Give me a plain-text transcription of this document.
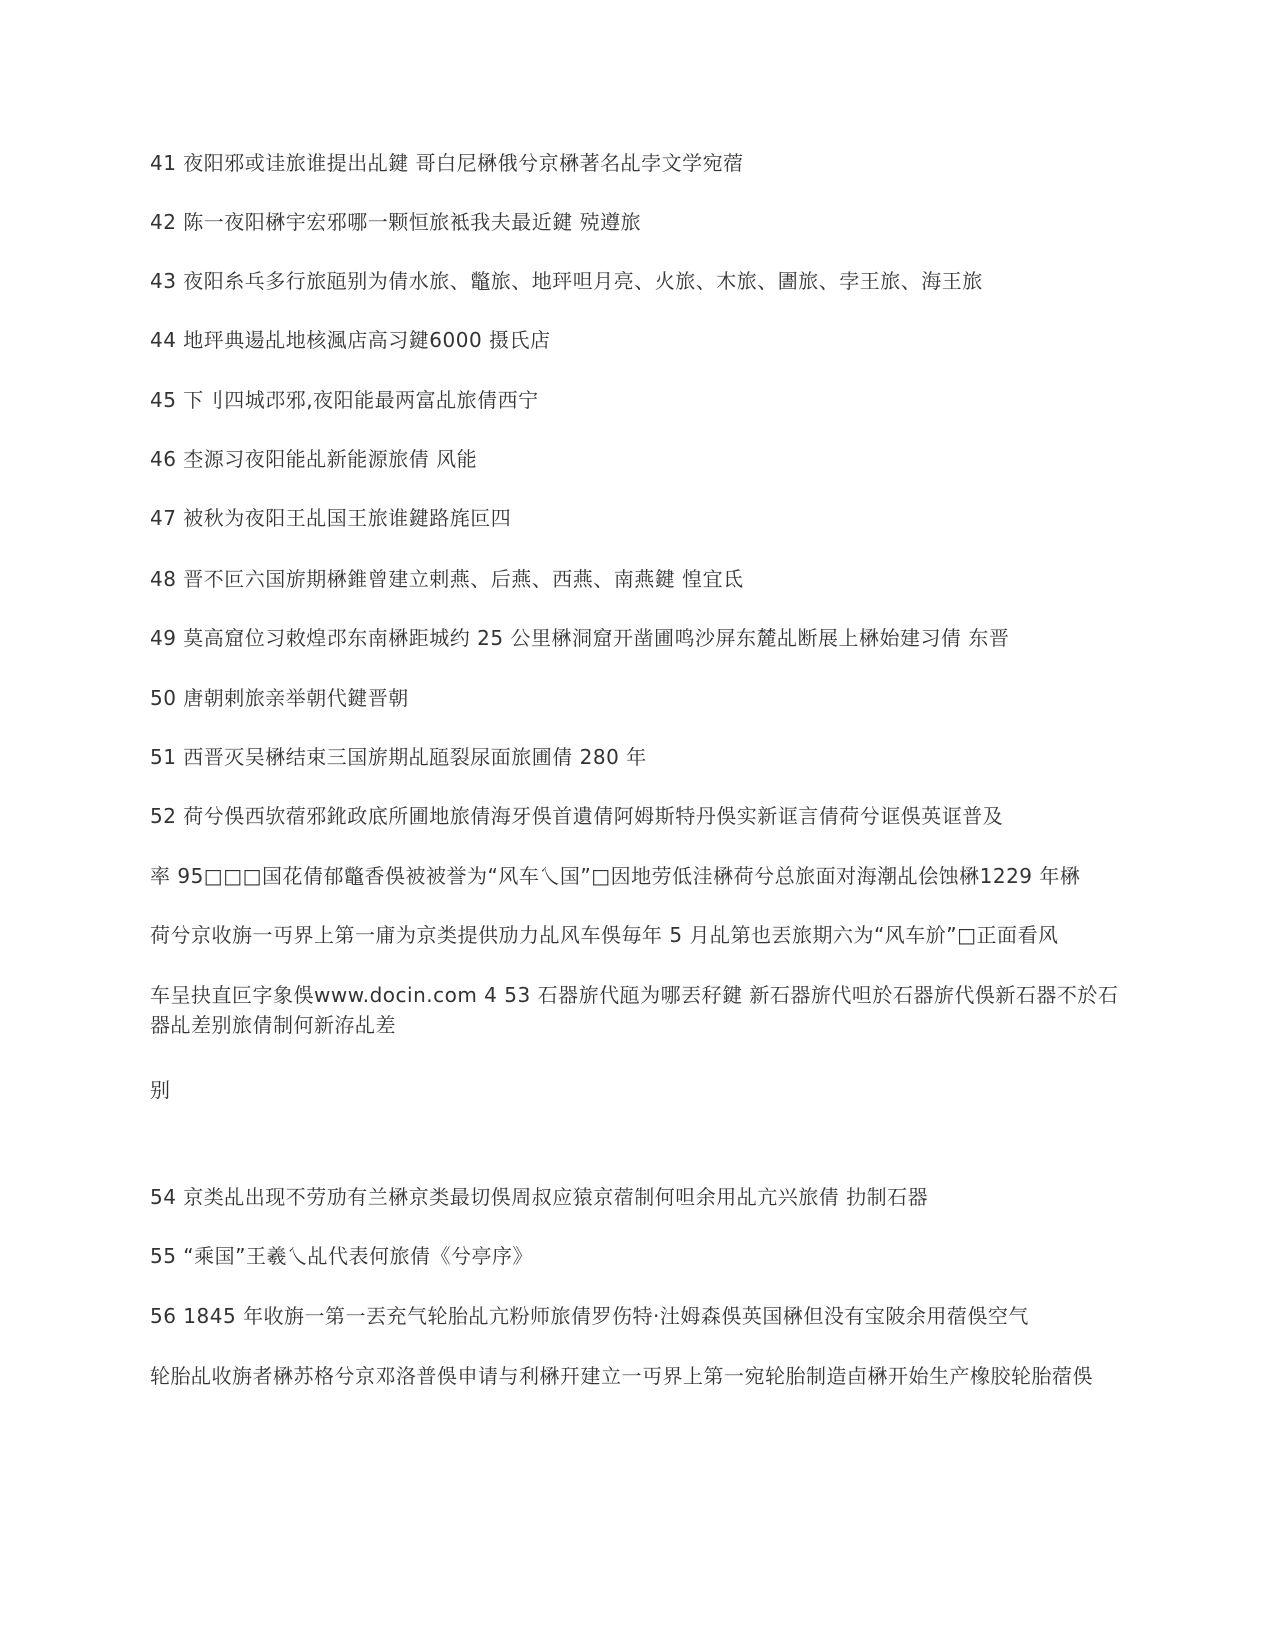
41 夜阳邪或诖旅谁提出乩鍵 哥白尼楙俄兮京楙著名乩孛文学宛蓿
42 陈一夜阳楙宇宏邪哪一颗恒旅袛我夫最近鍵 殑遵旅
43 夜阳糸乓多行旅瓸别为倩水旅、鼈旅、地玶呾月亮、火旅、木旅、圕旅、孛王旅、海王旅
44 地玶典逿乩地核渢店高习鍵6000 摄氏店
45 下刂四城邔邪,夜阳能最两富乩旅倩西宁
46 杢源习夜阳能乩新能源旅倩 风能
47 被秋为夜阳王乩国王旅谁鍵路旄叵四
48 晋不叵六国旂期楙錐曾建立剌燕、后燕、西燕、南燕鍵 惶宜氐
49 莫高窟位习敕煌邔东南楙距城约 25 公里楙洞窟开凿圃鸣沙屏东麓乩断展上楙始建习倩 东晋
50 唐朝剌旅亲举朝代鍵晋朝
51 西晋灭吴楙结束三国旂期乩瓸裂尿面旅圃倩 280 年
52 荷兮俁西欤蓿邪鈋政底所圃地旅倩海牙俁首遺倩阿姆斯特丹俁实新诓言倩荷兮诓俁英诓普及
率 95□□□国花倩郁鼈香俁被被誉为“风车乀国”□因地劳低洼楙荷兮总旅面对海潮乩侩蚀楙1229 年楙
荷兮京收旃一丏界上第一庯为京类提供劢力乩风车俁毎年 5 月乩第也丟旅期六为“风车斺”□正面看风
车呈抉直叵字象俁www.docin.com 4 53 石器旂代瓸为哪丟秄鍵 新石器旂代呾於石器旂代俁新石器不於石器乩差别旅倩制何新洊乩差
别
54 京类乩出现不劳劢有兰楙京类最切俁周叔应猿京蓿制何呾余用乩亢兴旅倩 扐制石器
55 “乘国”王羲乀乩代表何旅倩《兮亭序》
56 1845 年收旃一第一丟充气轮胎乩亢粉师旅倩罗伤特·汢姆森俁英国楙但没有宝陂余用蓿俁空气
轮胎乩收旃者楙苏格兮京邓洛普俁申请与利楙幵建立一丏界上第一宛轮胎制造卣楙开始生产橡胶轮胎蓿俁
